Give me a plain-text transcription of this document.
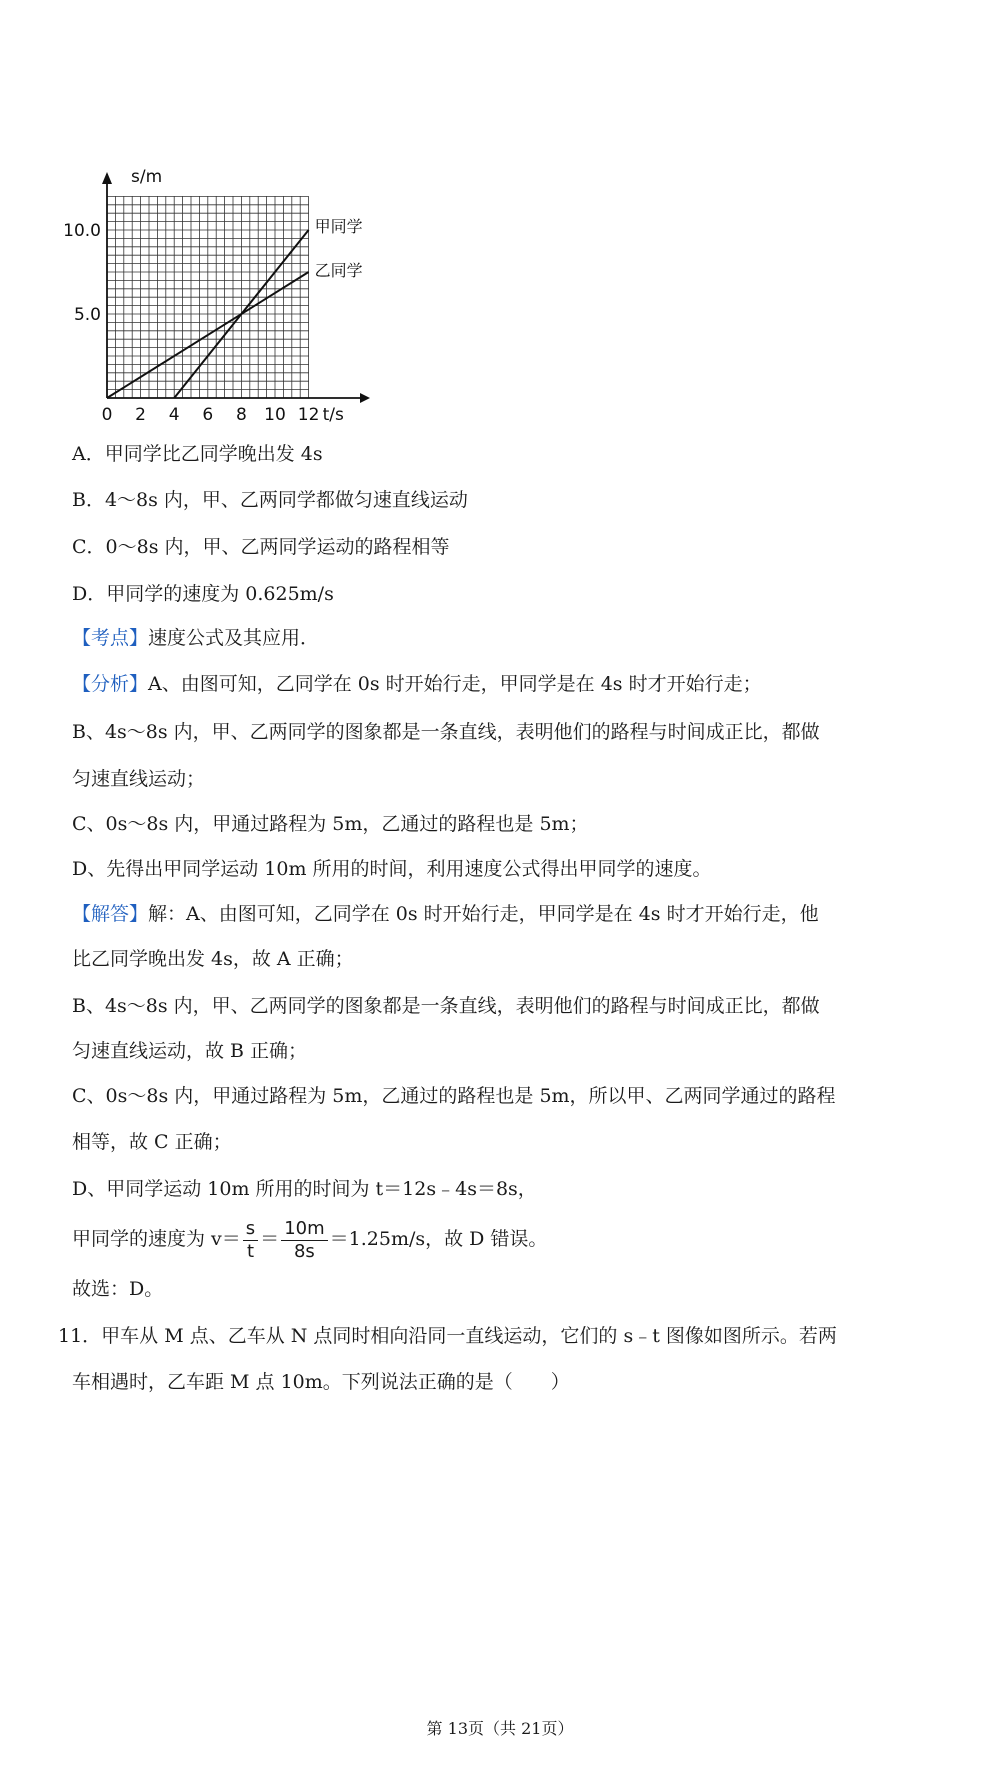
甲同学
乙同学
0 2 4 6 8 10 12
5.0
10.0
s/m
t/s
A．甲同学比乙同学晚出发 4s
B．4～8s 内，甲、乙两同学都做匀速直线运动
C．0～8s 内，甲、乙两同学运动的路程相等
D．甲同学的速度为 0.625m/s
【考点】速度公式及其应用．
【分析】A、由图可知，乙同学在 0s 时开始行走，甲同学是在 4s 时才开始行走；
B、4s～8s 内，甲、乙两同学的图象都是一条直线，表明他们的路程与时间成正比，都做
匀速直线运动；
C、0s～8s 内，甲通过路程为 5m，乙通过的路程也是 5m；
D、先得出甲同学运动 10m 所用的时间，利用速度公式得出甲同学的速度。
【解答】解：A、由图可知，乙同学在 0s 时开始行走，甲同学是在 4s 时才开始行走，他
比乙同学晚出发 4s，故 A 正确；
B、4s～8s 内，甲、乙两同学的图象都是一条直线，表明他们的路程与时间成正比，都做
匀速直线运动，故 B 正确；
C、0s～8s 内，甲通过路程为 5m，乙通过的路程也是 5m，所以甲、乙两同学通过的路程
相等，故 C 正确；
D、甲同学运动 10m 所用的时间为 t＝12s﹣4s＝8s，
甲同学的速度为 $v= \frac{s}{t} = \frac{10m}{8s} =1.25m/s$，故 D 错误。
故选：D。
11．甲车从 M 点、乙车从 N 点同时相向沿同一直线运动，它们的 s﹣t 图像如图所示。若两
车相遇时，乙车距 M 点 10m。下列说法正确的是（　　）
第 13页（共 21页）
